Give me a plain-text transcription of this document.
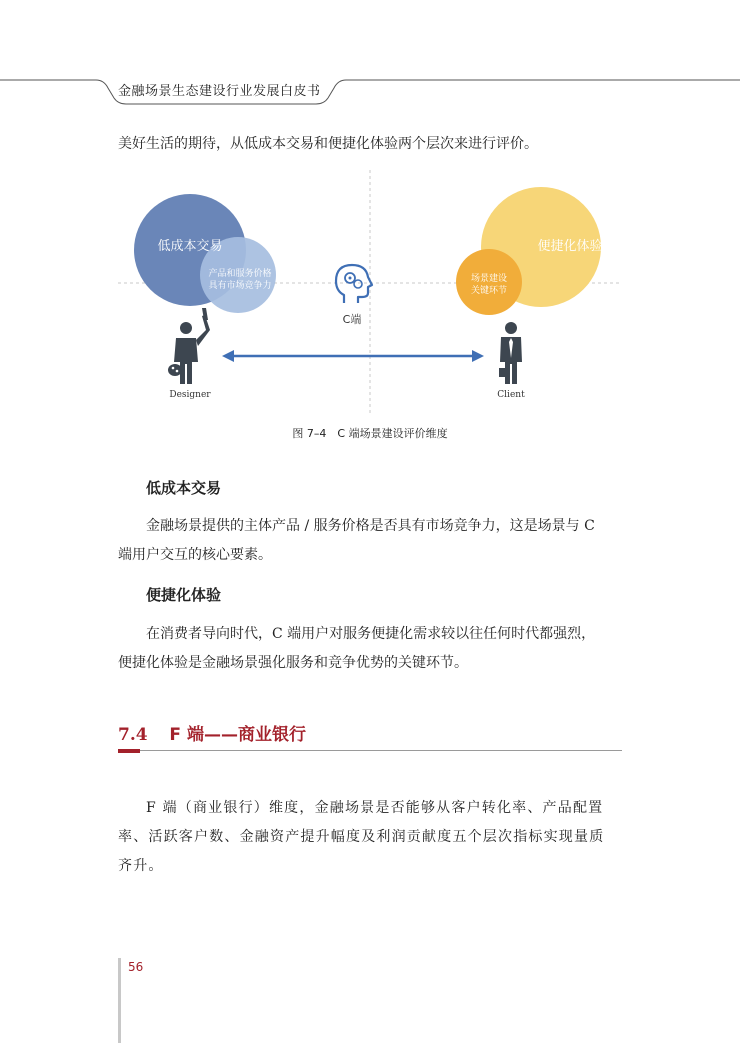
金融场景生态建设行业发展白皮书
美好生活的期待，从低成本交易和便捷化体验两个层次来进行评价。
低成本交易
产品和服务价格
具有市场竞争力
便捷化体验
场景建设
关键环节
C端
Designer	Client
图 7–4　C 端场景建设评价维度
低成本交易
金融场景提供的主体产品 / 服务价格是否具有市场竞争力，这是场景与 C
端用户交互的核心要素。
便捷化体验
在消费者导向时代，C 端用户对服务便捷化需求较以往任何时代都强烈，
便捷化体验是金融场景强化服务和竞争优势的关键环节。
7.4 F 端——商业银行
F 端（商业银行）维度，金融场景是否能够从客户转化率、产品配置
率、活跃客户数、金融资产提升幅度及利润贡献度五个层次指标实现量质
齐升。
56
